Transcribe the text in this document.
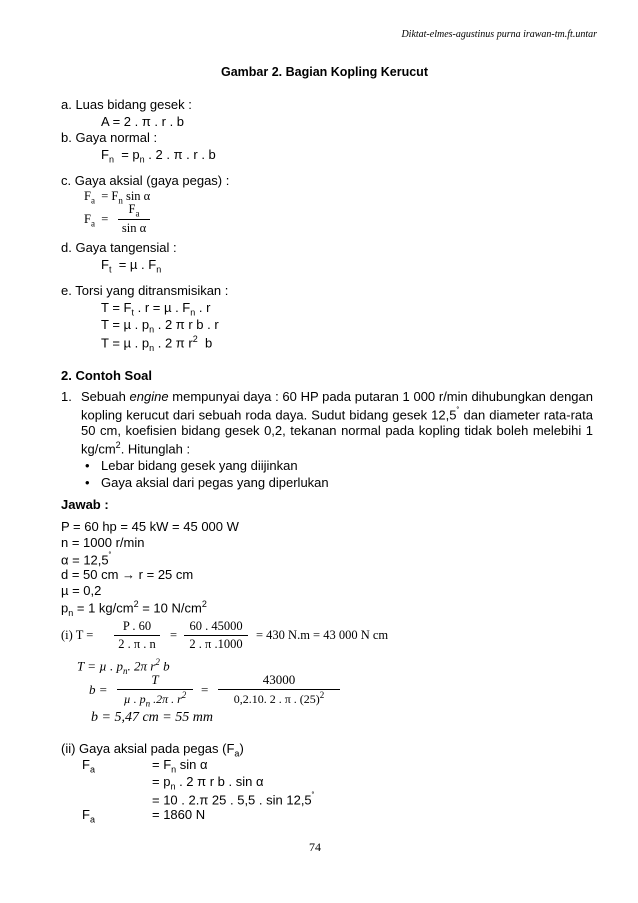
Diktat-elmes-agustinus purna irawan-tm.ft.untar
Gambar 2. Bagian Kopling Kerucut
a. Luas bidang gesek :
A = 2 . π . r . b
b. Gaya normal :
$F_n = p_n$ . 2 . π . r . b
c. Gaya aksial (gaya pegas) :
$F_a = F_n$ sin α
$F_a$ =
$F_a$
sin α
d. Gaya tangensial :
$F_t = \mu$ . $F_n$
e. Torsi yang ditransmisikan :
$T = F_t$ . r = µ . $F_n$ . r
T = µ . $p_n$ . 2 π r b . r
T = µ . $p_n$ . 2 π $r^2$ b
2. Contoh Soal
1. Sebuah engine mempunyai daya : 60 HP pada putaran 1 000 r/min dihubungkan dengan
kopling kerucut dari sebuah roda daya. Sudut bidang gesek 12,5˚ dan diameter rata-rata
50 cm, koefisien bidang gesek 0,2, tekanan normal pada kopling tidak boleh melebihi 1
$kg/cm^2$. Hitunglah :
• Lebar bidang gesek yang diijinkan
• Gaya aksial dari pegas yang diperlukan
Jawab :
P = 60 hp = 45 kW = 45 000 W
n = 1000 r/min
α = 12,5˚
d = 50 cm → r = 25 cm
µ = 0,2
$p_n = 1$ $kg/cm^2 = 10$ $N/cm^2$
(i) T =
P . 60
2 . π . n
=
60 . 45000
2 . π .1000
= 430 N.m = 43 000 N cm
T = µ . $p_n$. 2π $r^2$ b
b =
T
µ . $p_n$ .2π . $r^2$	=
43000
0,2.10. 2 . π . $(25)^2$
b = 5,47 cm = 55 mm
(ii) Gaya aksial pada pegas $(F_a)$
$F_a$	= $F_n$ sin α
= $p_n$ . 2 π r b . sin α
= 10 . 2.π 25 . 5,5 . sin 12,5˚
$F_a$	= 1860 N
74
